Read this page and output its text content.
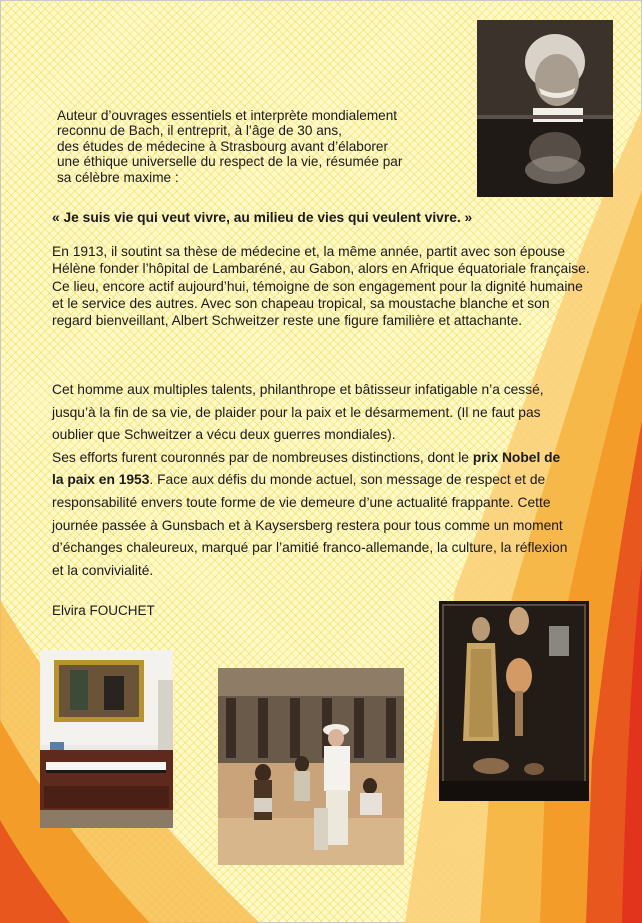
Auteur d’ouvrages essentiels et interprète mondialement
reconnu de Bach, il entreprit, à l’âge de 30 ans,
des études de médecine à Strasbourg avant d’élaborer
une éthique universelle du respect de la vie, résumée par
sa célèbre maxime :

« Je suis vie qui veut vivre, au milieu de vies qui veulent vivre. »

En 1913, il soutint sa thèse de médecine et, la même année, partit avec son épouse Hélène fonder l’hôpital de Lambaréné, au Gabon, alors en Afrique équatoriale française. Ce lieu, encore actif aujourd’hui, témoigne de son engagement pour la dignité humaine et le service des autres. Avec son chapeau tropical, sa moustache blanche et son regard bienveillant, Albert Schweitzer reste une figure familière et attachante.

Cet homme aux multiples talents, philanthrope et bâtisseur infatigable n’a cessé, jusqu’à la fin de sa vie, de plaider pour la paix et le désarmement. (Il ne faut pas oublier que Schweitzer a vécu deux guerres mondiales).
Ses efforts furent couronnés par de nombreuses distinctions, dont le prix Nobel de la paix en 1953. Face aux défis du monde actuel, son message de respect et de responsabilité envers toute forme de vie demeure d’une actualité frappante. Cette journée passée à Gunsbach et à Kaysersberg restera pour tous comme un moment d’échanges chaleureux, marqué par l’amitié franco-allemande, la culture, la réflexion et la convivialité.

Elvira FOUCHET
